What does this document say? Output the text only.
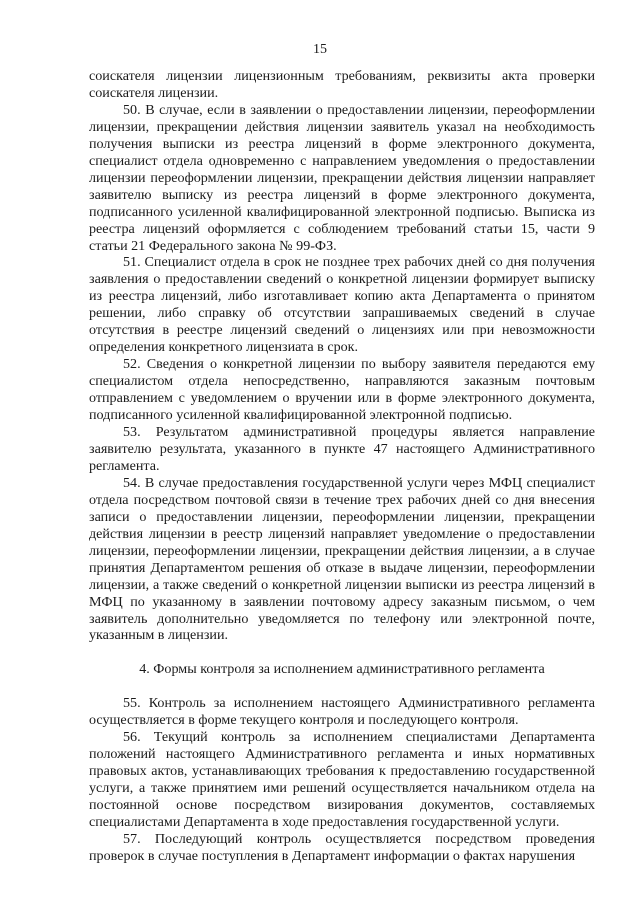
15

соискателя лицензии лицензионным требованиям, реквизиты акта проверки соискателя лицензии.

50. В случае, если в заявлении о предоставлении лицензии, переоформлении лицензии, прекращении действия лицензии заявитель указал на необходимость получения выписки из реестра лицензий в форме электронного документа, специалист отдела одновременно с направлением уведомления о предоставлении лицензии переоформлении лицензии, прекращении действия лицензии направляет заявителю выписку из реестра лицензий в форме электронного документа, подписанного усиленной квалифицированной электронной подписью. Выписка из реестра лицензий оформляется с соблюдением требований статьи 15, части 9 статьи 21 Федерального закона № 99-ФЗ.

51. Специалист отдела в срок не позднее трех рабочих дней со дня получения заявления о предоставлении сведений о конкретной лицензии формирует выписку из реестра лицензий, либо изготавливает копию акта Департамента о принятом решении, либо справку об отсутствии запрашиваемых сведений в случае отсутствия в реестре лицензий сведений о лицензиях или при невозможности определения конкретного лицензиата в срок.

52. Сведения о конкретной лицензии по выбору заявителя передаются ему специалистом отдела непосредственно, направляются заказным почтовым отправлением с уведомлением о вручении или в форме электронного документа, подписанного усиленной квалифицированной электронной подписью.

53. Результатом административной процедуры является направление заявителю результата, указанного в пункте 47 настоящего Административного регламента.

54. В случае предоставления государственной услуги через МФЦ специалист отдела посредством почтовой связи в течение трех рабочих дней со дня внесения записи о предоставлении лицензии, переоформлении лицензии, прекращении действия лицензии в реестр лицензий направляет уведомление о предоставлении лицензии, переоформлении лицензии, прекращении действия лицензии, а в случае принятия Департаментом решения об отказе в выдаче лицензии, переоформлении лицензии, а также сведений о конкретной лицензии выписки из реестра лицензий в МФЦ по указанному в заявлении почтовому адресу заказным письмом, о чем заявитель дополнительно уведомляется по телефону или электронной почте, указанным в лицензии.

4. Формы контроля за исполнением административного регламента

55. Контроль за исполнением настоящего Административного регламента осуществляется в форме текущего контроля и последующего контроля.

56. Текущий контроль за исполнением специалистами Департамента положений настоящего Административного регламента и иных нормативных правовых актов, устанавливающих требования к предоставлению государственной услуги, а также принятием ими решений осуществляется начальником отдела на постоянной основе посредством визирования документов, составляемых специалистами Департамента в ходе предоставления государственной услуги.

57. Последующий контроль осуществляется посредством проведения проверок в случае поступления в Департамент информации о фактах нарушения
